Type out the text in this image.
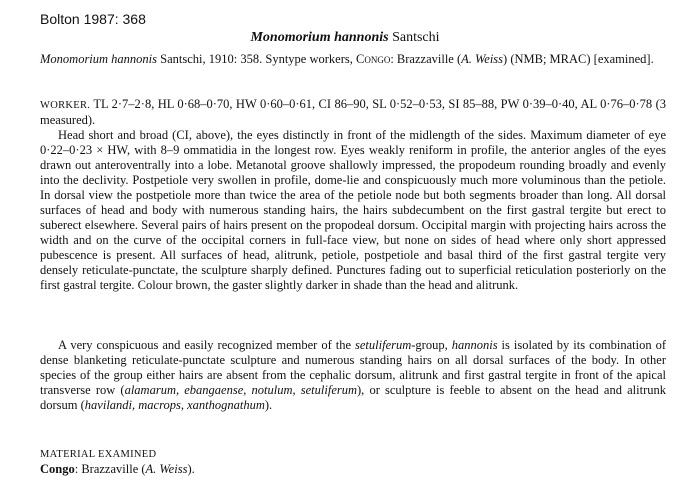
Bolton 1987: 368
Monomorium hannonis Santschi
Monomorium hannonis Santschi, 1910: 358. Syntype workers, Congo: Brazzaville (A. Weiss) (NMB; MRAC) [examined].
WORKER. TL 2·7–2·8, HL 0·68–0·70, HW 0·60–0·61, CI 86–90, SL 0·52–0·53, SI 85–88, PW 0·39–0·40, AL 0·76–0·78 (3 measured).
Head short and broad (CI, above), the eyes distinctly in front of the midlength of the sides. Maximum diameter of eye 0·22–0·23 × HW, with 8–9 ommatidia in the longest row. Eyes weakly reniform in profile, the anterior angles of the eyes drawn out anteroventrally into a lobe. Metanotal groove shallowly impressed, the propodeum rounding broadly and evenly into the declivity. Postpetiole very swollen in profile, dome-lie and conspicuously much more voluminous than the petiole. In dorsal view the postpetiole more than twice the area of the petiole node but both segments broader than long. All dorsal surfaces of head and body with numerous standing hairs, the hairs subdecumbent on the first gastral tergite but erect to suberect elsewhere. Several pairs of hairs present on the propodeal dorsum. Occipital margin with projecting hairs across the width and on the curve of the occipital corners in full-face view, but none on sides of head where only short appressed pubescence is present. All surfaces of head, alitrunk, petiole, postpetiole and basal third of the first gastral tergite very densely reticulate-punctate, the sculpture sharply defined. Punctures fading out to superficial reticulation posteriorly on the first gastral tergite. Colour brown, the gaster slightly darker in shade than the head and alitrunk.
A very conspicuous and easily recognized member of the setuliferum-group, hannonis is isolated by its combination of dense blanketing reticulate-punctate sculpture and numerous standing hairs on all dorsal surfaces of the body. In other species of the group either hairs are absent from the cephalic dorsum, alitrunk and first gastral tergite in front of the apical transverse row (alamarum, ebangaense, notulum, setuliferum), or sculpture is feeble to absent on the head and alitrunk dorsum (havilandi, macrops, xanthognathum).
MATERIAL EXAMINED
Congo: Brazzaville (A. Weiss).
